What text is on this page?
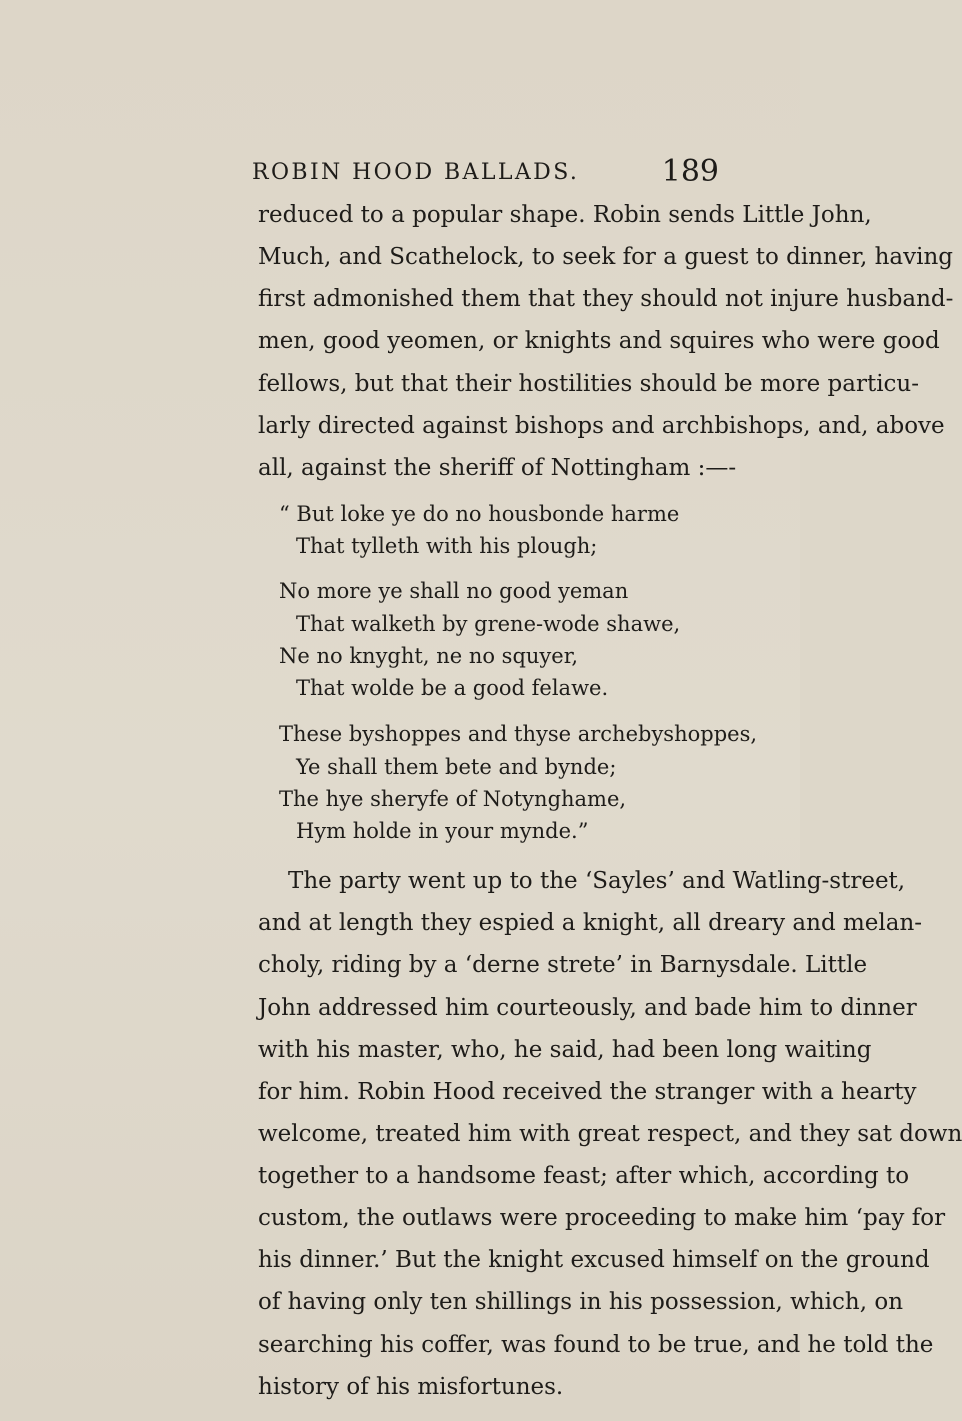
ROBIN HOOD BALLADS.	189
reduced to a popular shape. Robin sends Little John,
Much, and Scathelock, to seek for a guest to dinner, having
first admonished them that they should not injure husband-
men, good yeomen, or knights and squires who were good
fellows, but that their hostilities should be more particu-
larly directed against bishops and archbishops, and, above
all, against the sheriff of Nottingham :—-
“ But loke ye do no housbonde harme
That tylleth with his plough;
No more ye shall no good yeman
That walketh by grene-wode shawe,
Ne no knyght, ne no squyer,
That wolde be a good felawe.
These byshoppes and thyse archebyshoppes,
Ye shall them bete and bynde;
The hye sheryfe of Notynghame,
Hym holde in your mynde.”
The party went up to the ‘Sayles’ and Watling-street,
and at length they espied a knight, all dreary and melan-
choly, riding by a ‘derne strete’ in Barnysdale. Little
John addressed him courteously, and bade him to dinner
with his master, who, he said, had been long waiting
for him. Robin Hood received the stranger with a hearty
welcome, treated him with great respect, and they sat down
together to a handsome feast; after which, according to
custom, the outlaws were proceeding to make him ‘pay for
his dinner.’ But the knight excused himself on the ground
of having only ten shillings in his possession, which, on
searching his coffer, was found to be true, and he told the
history of his misfortunes.
